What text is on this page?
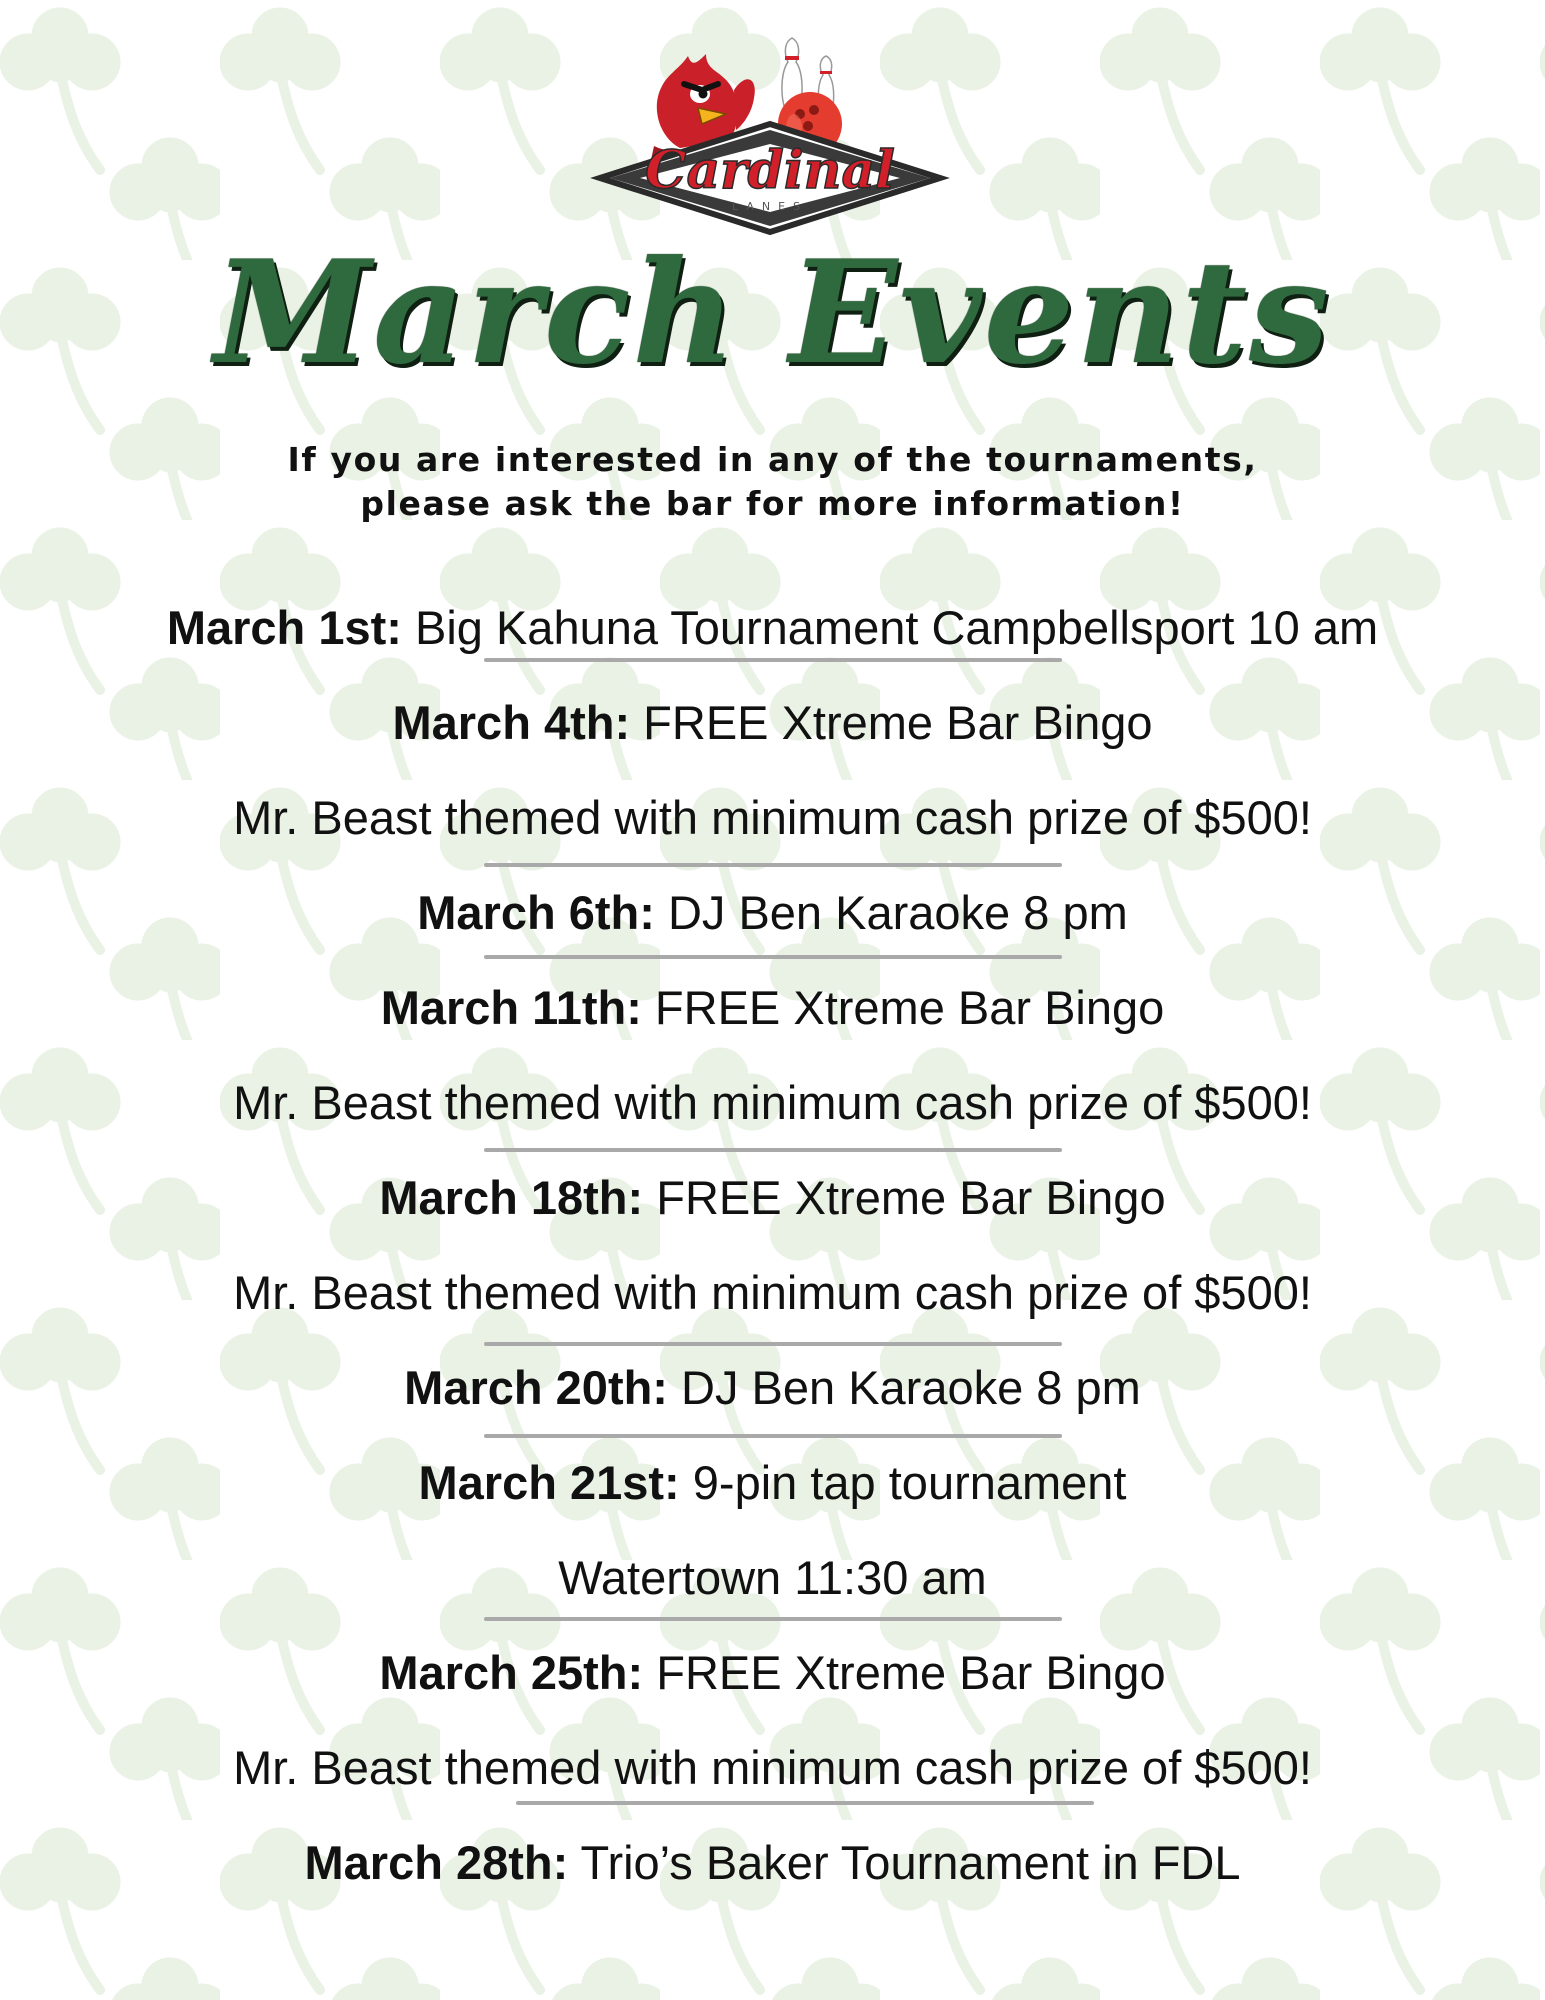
Cardinal
LANES
March Events
If you are interested in any of the tournaments,
please ask the bar for more information!
March 1st: Big Kahuna Tournament Campbellsport 10 am
March 4th: FREE Xtreme Bar Bingo
Mr. Beast themed with minimum cash prize of $500!
March 6th: DJ Ben Karaoke 8 pm
March 11th: FREE Xtreme Bar Bingo
Mr. Beast themed with minimum cash prize of $500!
March 18th: FREE Xtreme Bar Bingo
Mr. Beast themed with minimum cash prize of $500!
March 20th: DJ Ben Karaoke 8 pm
March 21st: 9-pin tap tournament
Watertown 11:30 am
March 25th: FREE Xtreme Bar Bingo
Mr. Beast themed with minimum cash prize of $500!
March 28th: Trio’s Baker Tournament in FDL
